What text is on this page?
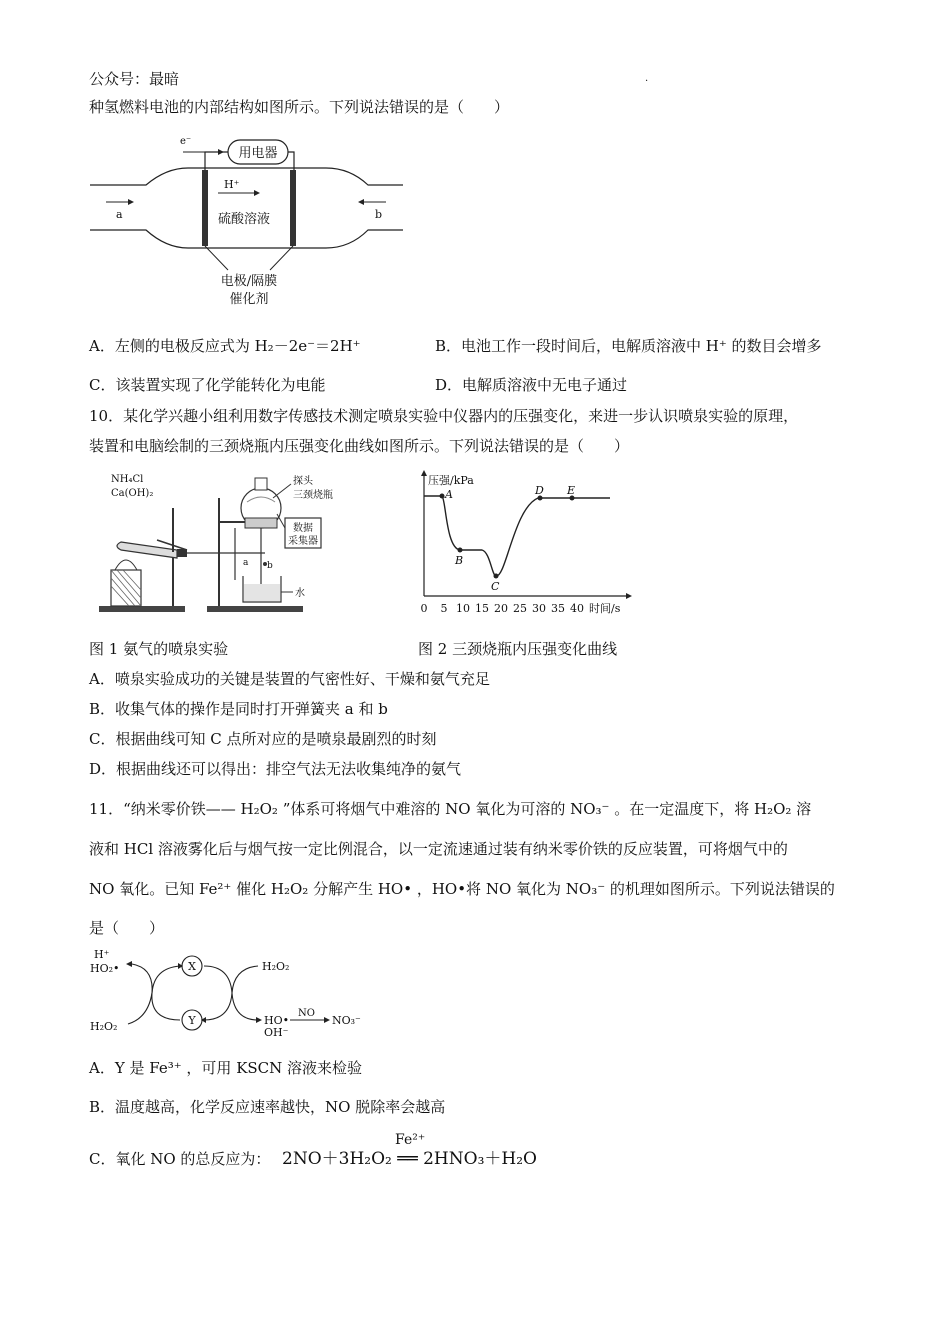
公众号：最暗	.
种氢燃料电池的内部结构如图所示。下列说法错误的是（　　）
用电器
e⁻
H⁺
硫酸溶液
a	b
电极/隔膜
催化剂
A．左侧的电极反应式为 H₂－2e⁻＝2H⁺	B．电池工作一段时间后，电解质溶液中 H⁺ 的数目会增多
C．该装置实现了化学能转化为电能	D．电解质溶液中无电子通过
10．某化学兴趣小组利用数字传感技术测定喷泉实验中仪器内的压强变化，来进一步认识喷泉实验的原理，
装置和电脑绘制的三颈烧瓶内压强变化曲线如图所示。下列说法错误的是（　　）
NH₄Cl
Ca(OH)₂
a b
探头
三颈烧瓶
数据
采集器
水
压强/kPa
0 5 10 15 20 25 30 35 40 时间/s
A
B
C
D E
图 1 氨气的喷泉实验	图 2 三颈烧瓶内压强变化曲线
A．喷泉实验成功的关键是装置的气密性好、干燥和氨气充足
B．收集气体的操作是同时打开弹簧夹 a 和 b
C．根据曲线可知 C 点所对应的是喷泉最剧烈的时刻
D．根据曲线还可以得出：排空气法无法收集纯净的氨气
11．“纳米零价铁—— H₂O₂ ”体系可将烟气中难溶的 NO 氧化为可溶的 NO₃⁻ 。在一定温度下，将 H₂O₂ 溶
液和 HCl 溶液雾化后与烟气按一定比例混合，以一定流速通过装有纳米零价铁的反应装置，可将烟气中的
NO 氧化。已知 Fe²⁺ 催化 H₂O₂ 分解产生 HO• ，HO•将 NO 氧化为 NO₃⁻ 的机理如图所示。下列说法错误的
是（　　）
H⁺
HO₂•
H₂O₂
X
Y
H₂O₂
HO•
OH⁻
NO
NO₃⁻
A．Y 是 Fe³⁺ ，可用 KSCN 溶液来检验
B．温度越高，化学反应速率越快，NO 脱除率会越高
C．氧化 NO 的总反应为： 2NO＋3H₂O₂ ══ 2HNO₃＋H₂O
Fe²⁺
